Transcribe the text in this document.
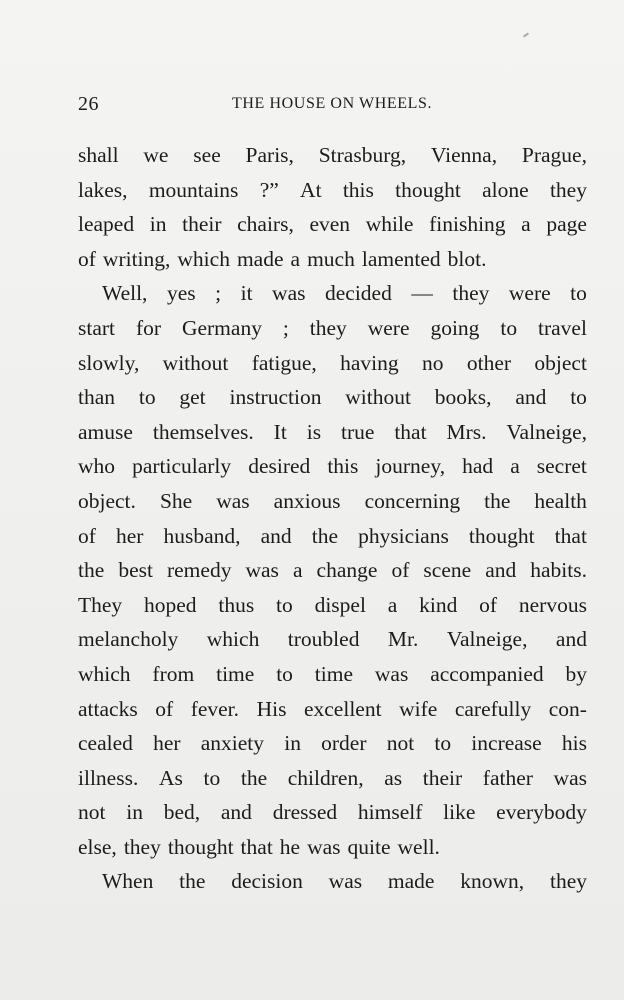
26	THE HOUSE ON WHEELS.
shall we see Paris, Strasburg, Vienna, Prague,
lakes, mountains ?” At this thought alone they
leaped in their chairs, even while finishing a page
of writing, which made a much lamented blot.
Well, yes ; it was decided — they were to
start for Germany ; they were going to travel
slowly, without fatigue, having no other object
than to get instruction without books, and to
amuse themselves. It is true that Mrs. Valneige,
who particularly desired this journey, had a secret
object. She was anxious concerning the health
of her husband, and the physicians thought that
the best remedy was a change of scene and habits.
They hoped thus to dispel a kind of nervous
melancholy which troubled Mr. Valneige, and
which from time to time was accompanied by
attacks of fever. His excellent wife carefully con-
cealed her anxiety in order not to increase his
illness. As to the children, as their father was
not in bed, and dressed himself like everybody
else, they thought that he was quite well.
When the decision was made known, they
